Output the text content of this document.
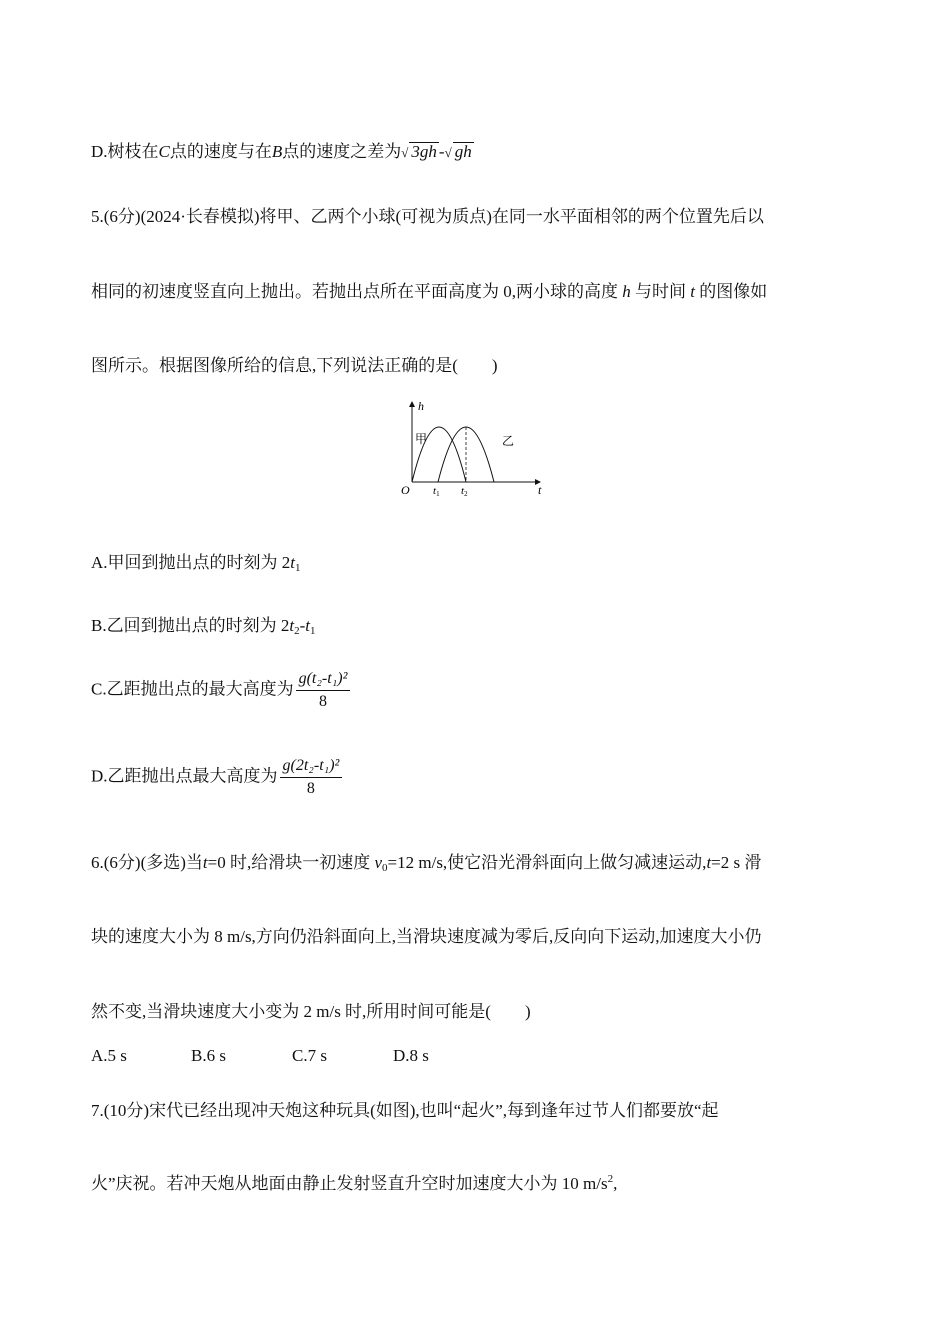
D.树枝在C点的速度与在B点的速度之差为√ 3gh -√ gh
5.(6分)(2024·长春模拟)将甲、乙两个小球(可视为质点)在同一水平面相邻的两个位置先后以
相同的初速度竖直向上抛出。若抛出点所在平面高度为 0,两小球的高度 h 与时间 t 的图像如
图所示。根据图像所给的信息,下列说法正确的是(　　)
h
t
O
甲	乙
t1 t2
A.甲回到抛出点的时刻为 $2t_1$
B.乙回到抛出点的时刻为 $2t_2-t_1$
C.乙距抛出点的最大高度为 $\frac{\text{g(t₂-t₁)²}}{8}$
D.乙距抛出点最大高度为 $\frac{\text{g(2t₂-t₁)²}}{8}$
6.(6分)(多选)当t=0 时,给滑块一初速度 $v_0=12$ m/s,使它沿光滑斜面向上做匀减速运动,t=2 s 滑
块的速度大小为 8 m/s,方向仍沿斜面向上,当滑块速度减为零后,反向向下运动,加速度大小仍
然不变,当滑块速度大小变为 2 m/s 时,所用时间可能是(　　)
A.5 s	B.6 s	C.7 s	D.8 s
7.(10分)宋代已经出现冲天炮这种玩具(如图),也叫“起火”,每到逢年过节人们都要放“起
火”庆祝。若冲天炮从地面由静止发射竖直升空时加速度大小为 10 $m/s^2$,
